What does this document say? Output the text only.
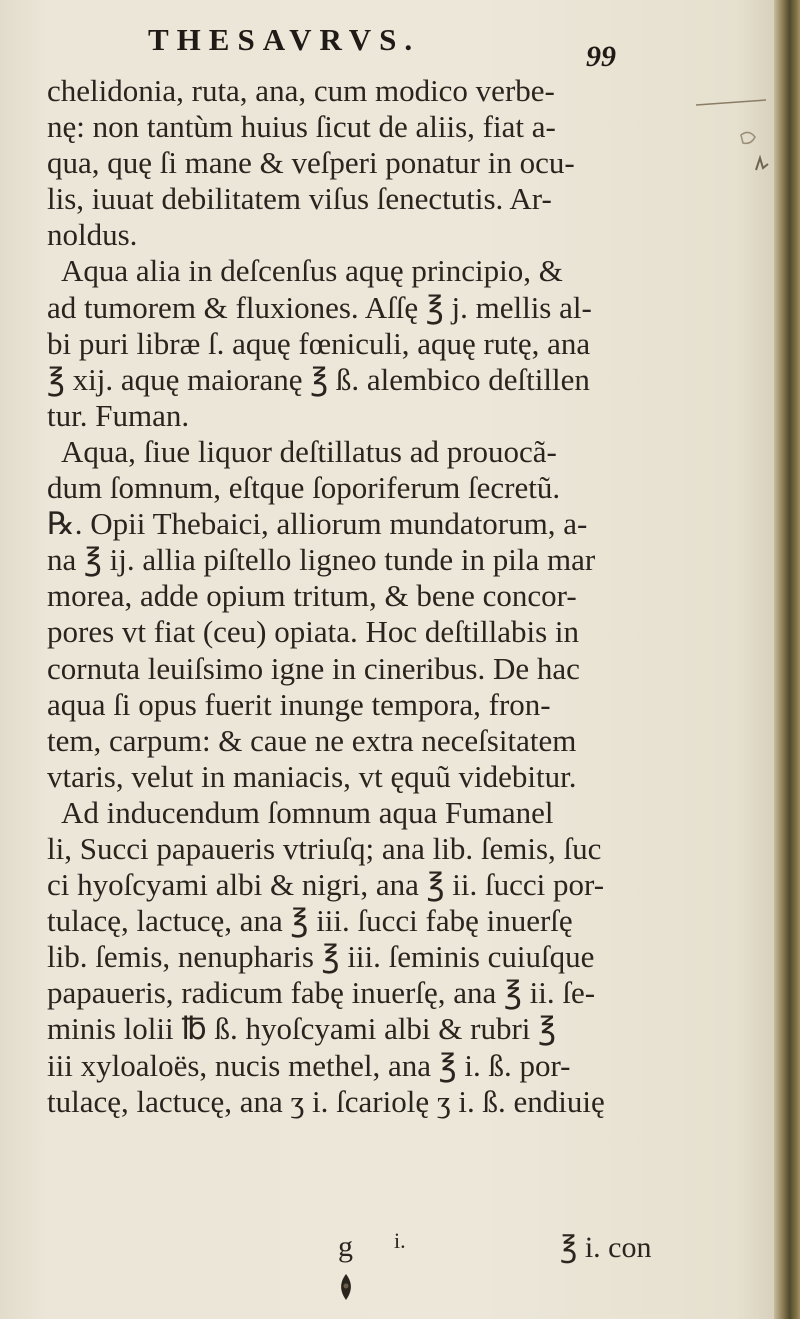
THESAVRVS.	99
chelidonia, ruta, ana, cum modico verbe-
nę: non tantùm huius ſicut de aliis, fiat a-
qua, quę ſi mane & veſperi ponatur in ocu-
lis, iuuat debilitatem viſus ſenectutis. Ar-
noldus.
Aqua alia in deſcenſus aquę principio, &
ad tumorem & fluxiones. Aſſę ℥ j. mellis al-
bi puri libræ ſ. aquę fœniculi, aquę rutę, ana
℥ xij. aquę maioranę ℥ ß. alembico deſtillen
tur. Fuman.
Aqua, ſiue liquor deſtillatus ad prouocã-
dum ſomnum, eſtque ſoporiferum ſecretũ.
℞. Opii Thebaici, alliorum mundatorum, a-
na ℥ ij. allia piſtello ligneo tunde in pila mar
morea, adde opium tritum, & bene concor-
pores vt fiat (ceu) opiata. Hoc deſtillabis in
cornuta leuiſsimo igne in cineribus. De hac
aqua ſi opus fuerit inunge tempora, fron-
tem, carpum: & caue ne extra neceſsitatem
vtaris, velut in maniacis, vt ęquũ videbitur.
Ad inducendum ſomnum aqua Fumanel
li, Succi papaueris vtriuſq; ana lib. ſemis, ſuc
ci hyoſcyami albi & nigri, ana ℥ ii. ſucci por-
tulacę, lactucę, ana ℥ iii. ſucci fabę inuerſę
lib. ſemis, nenupharis ℥ iii. ſeminis cuiuſque
papaueris, radicum fabę inuerſę, ana ℥ ii. ſe-
minis lolii ℔ ß. hyoſcyami albi & rubri ℥
iii xyloaloës, nucis methel, ana ℥ i. ß. por-
tulacę, lactucę, ana ʒ i. ſcariolę ʒ i. ß. endiuię
g i.	℥ i. con
